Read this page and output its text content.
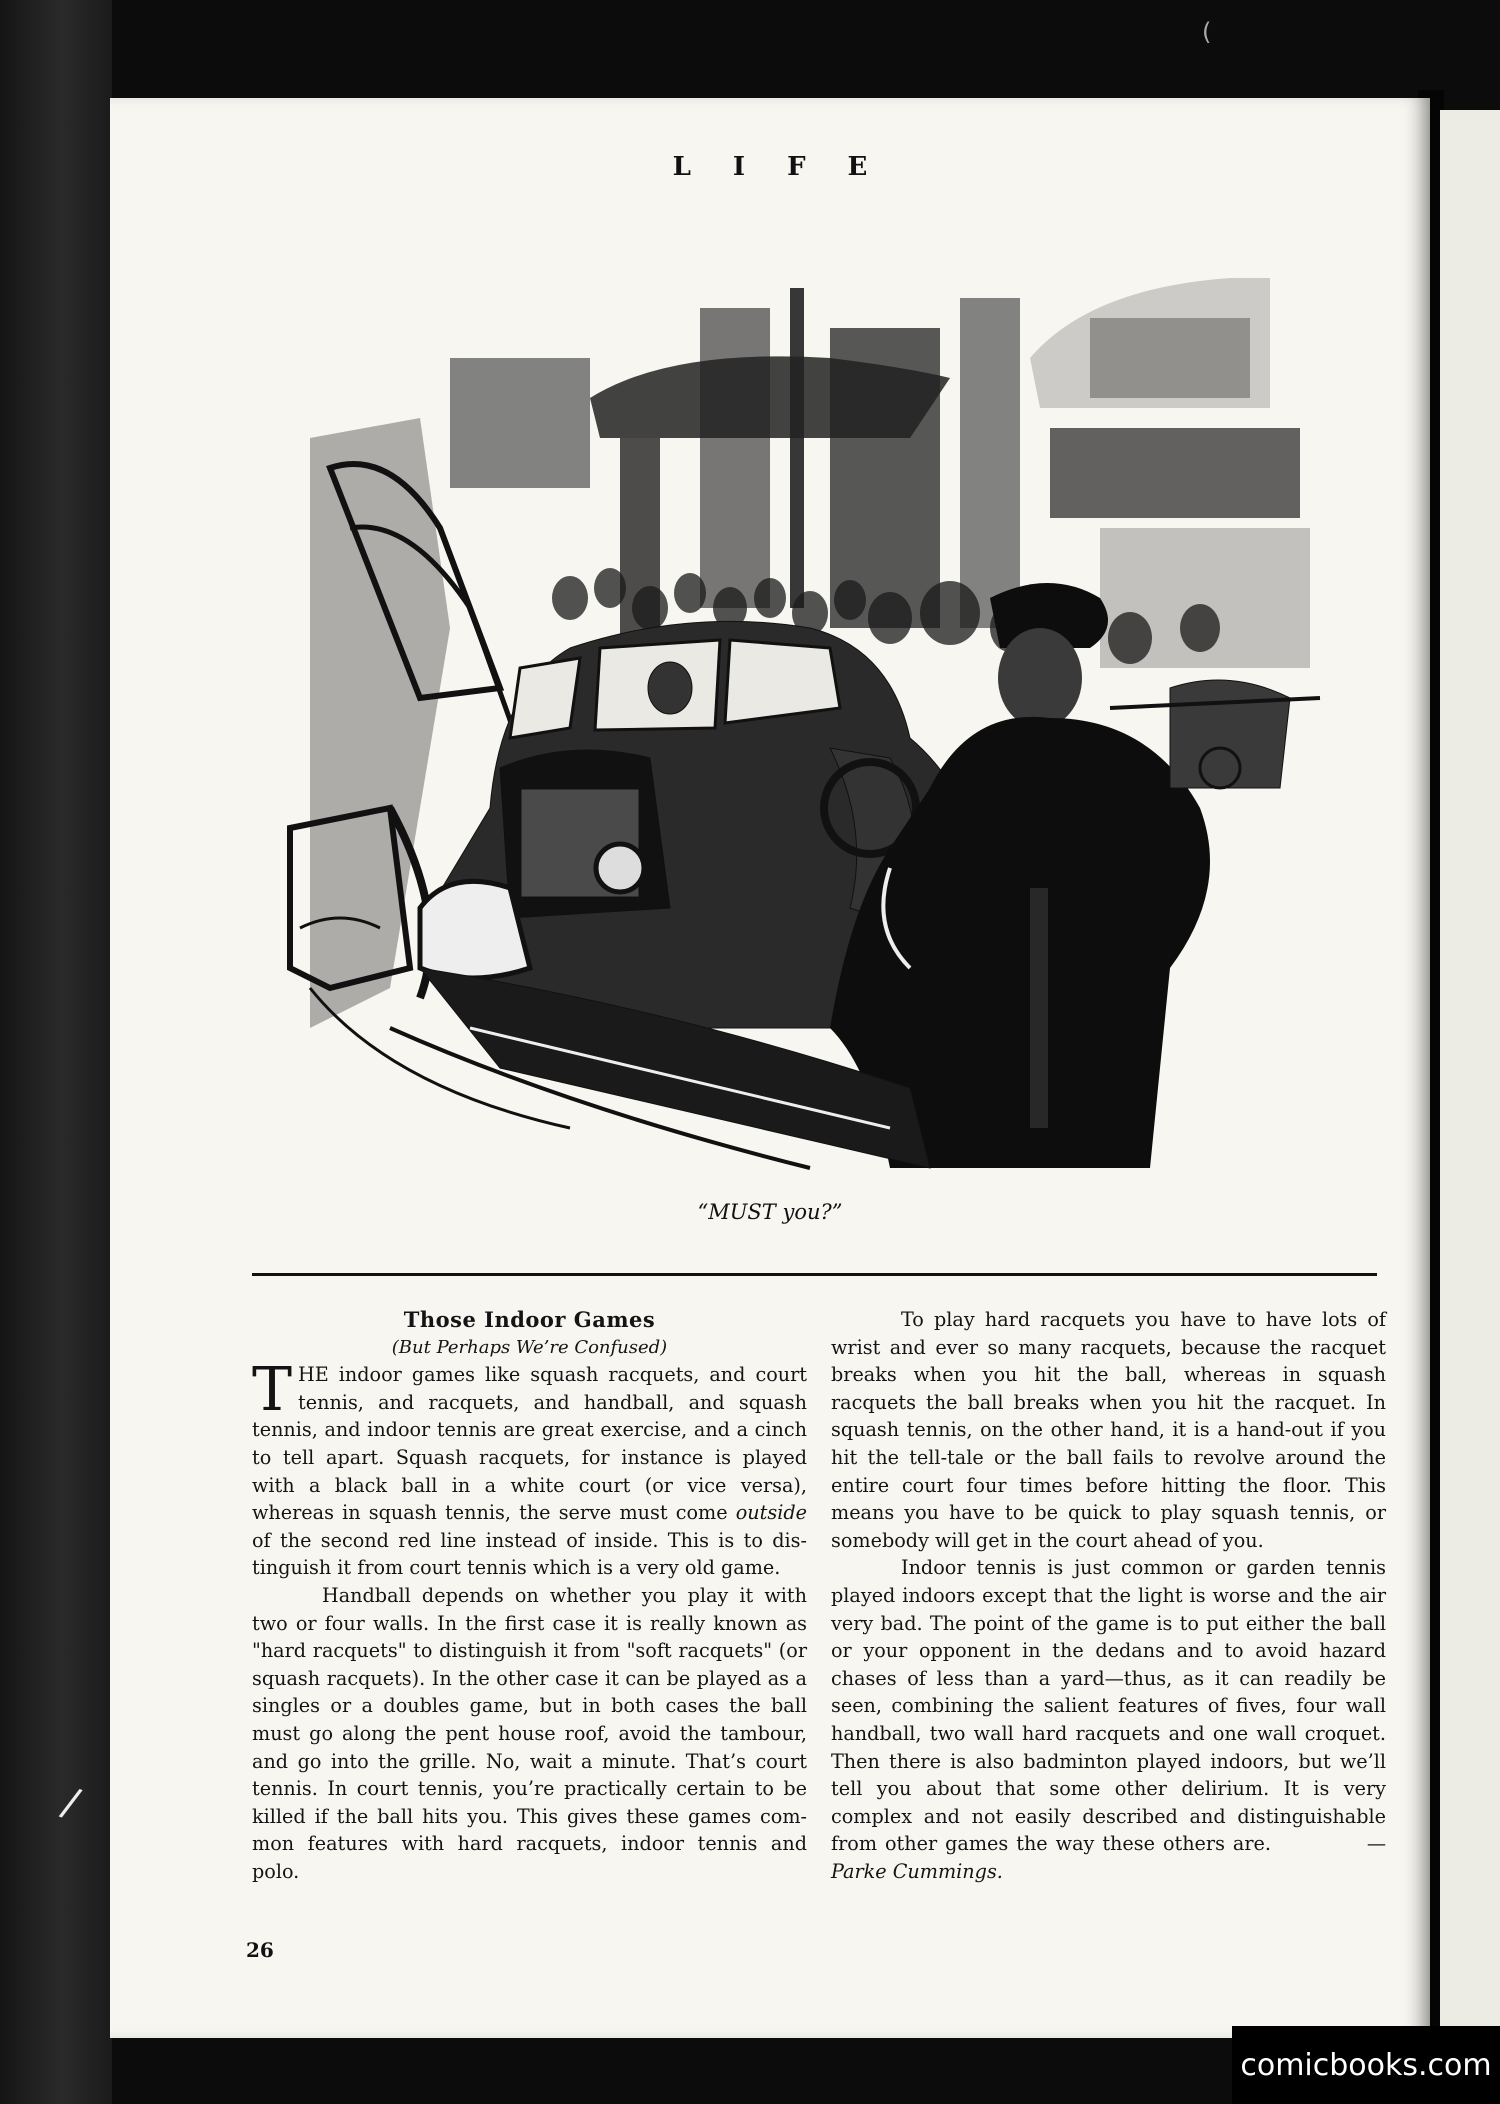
LIFE
“MUST you?”

Those Indoor Games

(But Perhaps We’re Confused)

THE indoor games like squash racquets, and court tennis, and racquets, and handball, and squash tennis, and indoor tennis are great exercise, and a cinch to tell apart. Squash racquets, for instance is played with a black ball in a white court (or vice versa), whereas in squash tennis, the serve must come outside of the second red line instead of inside. This is to distinguish it from court tennis which is a very old game.

Handball depends on whether you play it with two or four walls. In the first case it is really known as "hard racquets" to distinguish it from "soft racquets" (or squash racquets). In the other case it can be played as a singles or a doubles game, but in both cases the ball must go along the pent house roof, avoid the tambour, and go into the grille. No, wait a minute. That’s court tennis. In court tennis, you’re practically certain to be killed if the ball hits you. This gives these games common features with hard racquets, indoor tennis and polo.

To play hard racquets you have to have lots of wrist and ever so many racquets, because the racquet breaks when you hit the ball, whereas in squash racquets the ball breaks when you hit the racquet. In squash tennis, on the other hand, it is a hand-out if you hit the tell-tale or the ball fails to revolve around the entire court four times before hitting the floor. This means you have to be quick to play squash tennis, or somebody will get in the court ahead of you.

Indoor tennis is just common or garden tennis played indoors except that the light is worse and the air very bad. The point of the game is to put either the ball or your opponent in the dedans and to avoid hazard chases of less than a yard—thus, as it can readily be seen, combining the salient features of fives, four wall handball, two wall hard racquets and one wall croquet. Then there is also badminton played indoors, but we’ll tell you about that some other delirium. It is very complex and not easily described and distinguishable from other games the way these others are.	—Parke Cummings.

26
/
(
comicbooks.com
